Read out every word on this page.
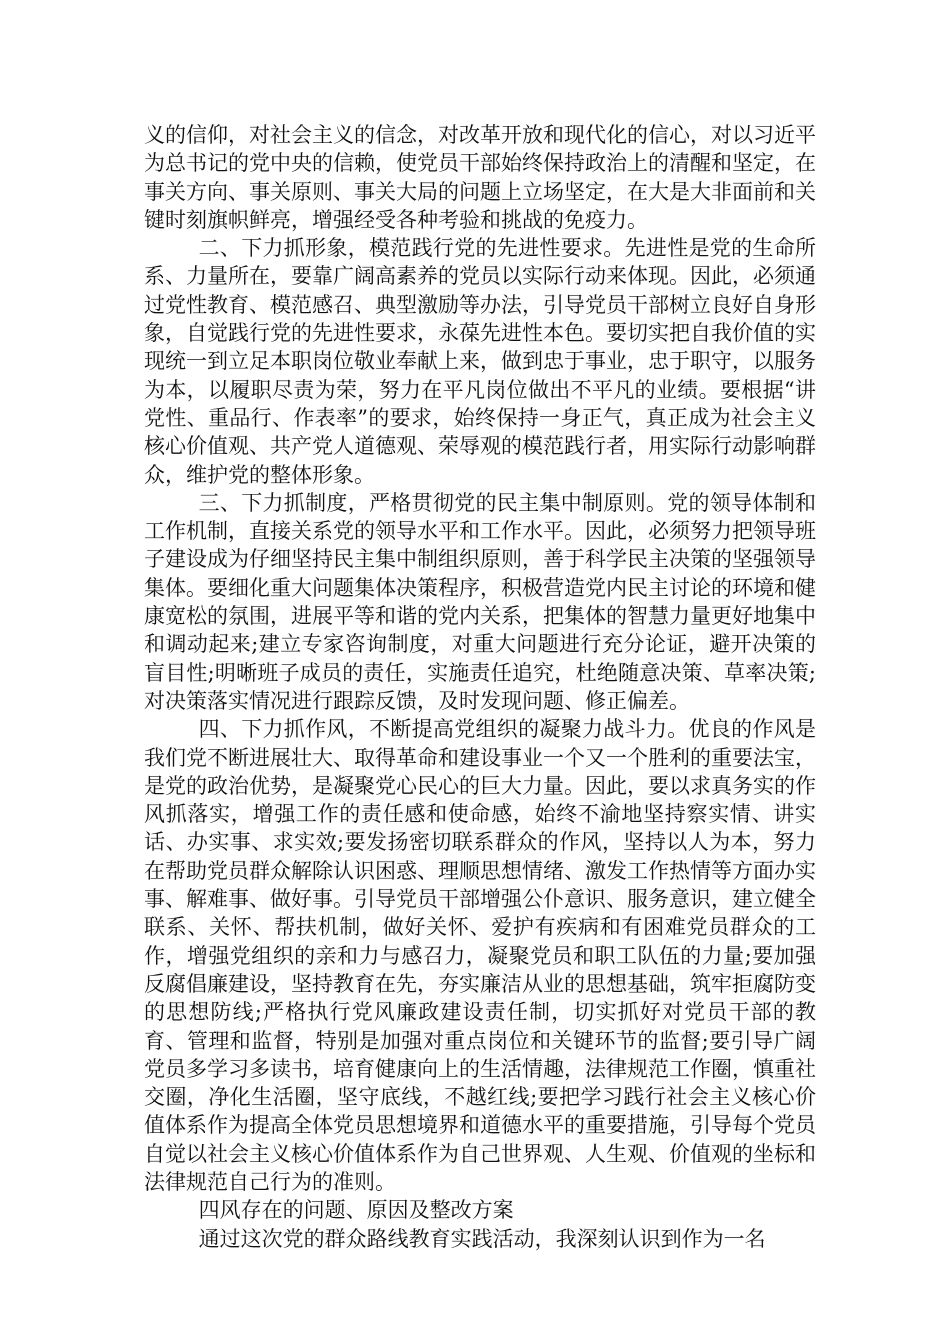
义的信仰，对社会主义的信念，对改革开放和现代化的信心，对以习近平为总书记的党中央的信赖，使党员干部始终保持政治上的清醒和坚定，在事关方向、事关原则、事关大局的问题上立场坚定，在大是大非面前和关键时刻旗帜鲜亮，增强经受各种考验和挑战的免疫力。

二、下力抓形象，模范践行党的先进性要求。先进性是党的生命所系、力量所在，要靠广阔高素养的党员以实际行动来体现。因此，必须通过党性教育、模范感召、典型激励等办法，引导党员干部树立良好自身形象，自觉践行党的先进性要求，永葆先进性本色。要切实把自我价值的实现统一到立足本职岗位敬业奉献上来，做到忠于事业，忠于职守，以服务为本，以履职尽责为荣，努力在平凡岗位做出不平凡的业绩。要根据“讲党性、重品行、作表率”的要求，始终保持一身正气，真正成为社会主义核心价值观、共产党人道德观、荣辱观的模范践行者，用实际行动影响群众，维护党的整体形象。

三、下力抓制度，严格贯彻党的民主集中制原则。党的领导体制和工作机制，直接关系党的领导水平和工作水平。因此，必须努力把领导班子建设成为仔细坚持民主集中制组织原则，善于科学民主决策的坚强领导集体。要细化重大问题集体决策程序，积极营造党内民主讨论的环境和健康宽松的氛围，进展平等和谐的党内关系，把集体的智慧力量更好地集中和调动起来;建立专家咨询制度，对重大问题进行充分论证，避开决策的盲目性;明晰班子成员的责任，实施责任追究，杜绝随意决策、草率决策;对决策落实情况进行跟踪反馈，及时发现问题、修正偏差。

四、下力抓作风，不断提高党组织的凝聚力战斗力。优良的作风是我们党不断进展壮大、取得革命和建设事业一个又一个胜利的重要法宝，是党的政治优势，是凝聚党心民心的巨大力量。因此，要以求真务实的作风抓落实，增强工作的责任感和使命感，始终不渝地坚持察实情、讲实话、办实事、求实效;要发扬密切联系群众的作风，坚持以人为本，努力在帮助党员群众解除认识困惑、理顺思想情绪、激发工作热情等方面办实事、解难事、做好事。引导党员干部增强公仆意识、服务意识，建立健全联系、关怀、帮扶机制，做好关怀、爱护有疾病和有困难党员群众的工作，增强党组织的亲和力与感召力，凝聚党员和职工队伍的力量;要加强反腐倡廉建设，坚持教育在先，夯实廉洁从业的思想基础，筑牢拒腐防变的思想防线;严格执行党风廉政建设责任制，切实抓好对党员干部的教育、管理和监督，特别是加强对重点岗位和关键环节的监督;要引导广阔党员多学习多读书，培育健康向上的生活情趣，法律规范工作圈，慎重社交圈，净化生活圈，坚守底线，不越红线;要把学习践行社会主义核心价值体系作为提高全体党员思想境界和道德水平的重要措施，引导每个党员自觉以社会主义核心价值体系作为自己世界观、人生观、价值观的坐标和法律规范自己行为的准则。

四风存在的问题、原因及整改方案

通过这次党的群众路线教育实践活动，我深刻认识到作为一名
